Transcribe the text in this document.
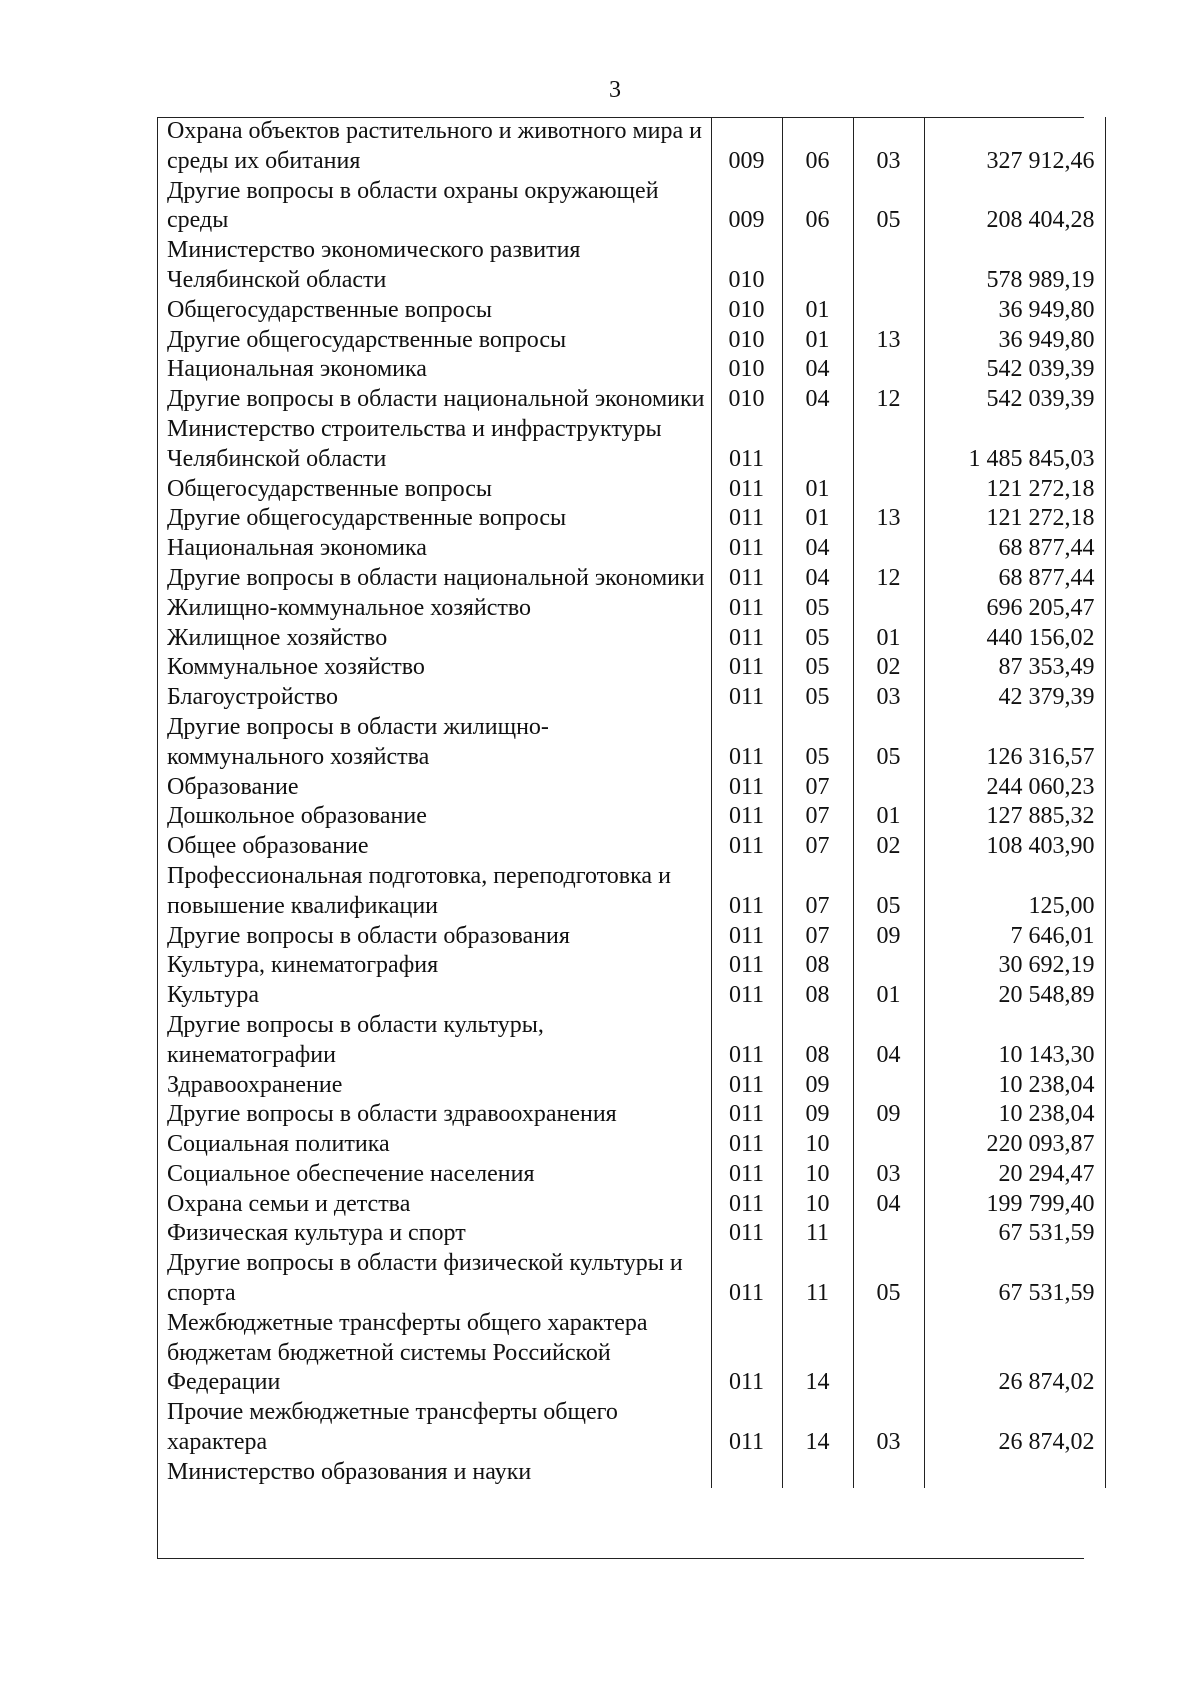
3
Охрана объектов растительного и животного мира и среды их обитания	009	06	03	327 912,46
Другие вопросы в области охраны окружающей среды	009	06	05	208 404,28
Министерство экономического развития Челябинской области	010			578 989,19
Общегосударственные вопросы	010	01		36 949,80
Другие общегосударственные вопросы	010	01	13	36 949,80
Национальная экономика	010	04		542 039,39
Другие вопросы в области национальной экономики	010	04	12	542 039,39
Министерство строительства и инфраструктуры Челябинской области	011			1 485 845,03
Общегосударственные вопросы	011	01		121 272,18
Другие общегосударственные вопросы	011	01	13	121 272,18
Национальная экономика	011	04		68 877,44
Другие вопросы в области национальной экономики	011	04	12	68 877,44
Жилищно-коммунальное хозяйство	011	05		696 205,47
Жилищное хозяйство	011	05	01	440 156,02
Коммунальное хозяйство	011	05	02	87 353,49
Благоустройство	011	05	03	42 379,39
Другие вопросы в области жилищно-коммунального хозяйства	011	05	05	126 316,57
Образование	011	07		244 060,23
Дошкольное образование	011	07	01	127 885,32
Общее образование	011	07	02	108 403,90
Профессиональная подготовка, переподготовка и повышение квалификации	011	07	05	125,00
Другие вопросы в области образования	011	07	09	7 646,01
Культура, кинематография	011	08		30 692,19
Культура	011	08	01	20 548,89
Другие вопросы в области культуры, кинематографии	011	08	04	10 143,30
Здравоохранение	011	09		10 238,04
Другие вопросы в области здравоохранения	011	09	09	10 238,04
Социальная политика	011	10		220 093,87
Социальное обеспечение населения	011	10	03	20 294,47
Охрана семьи и детства	011	10	04	199 799,40
Физическая культура и спорт	011	11		67 531,59
Другие вопросы в области физической культуры и спорта	011	11	05	67 531,59
Межбюджетные трансферты общего характера бюджетам бюджетной системы Российской Федерации	011	14		26 874,02
Прочие межбюджетные трансферты общего характера	011	14	03	26 874,02
Министерство образования и науки				
